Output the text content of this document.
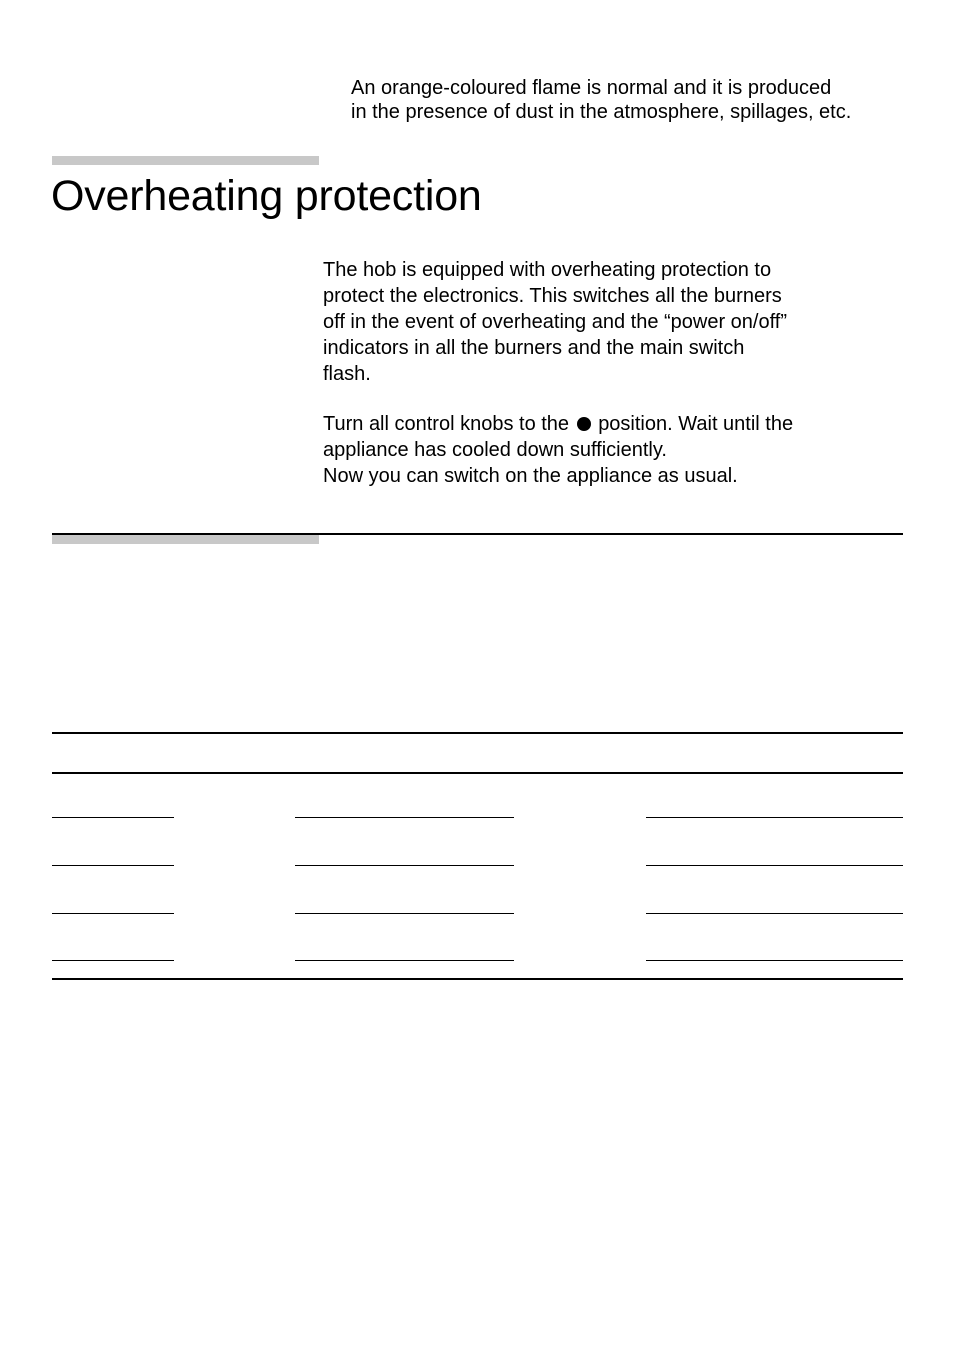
An orange-coloured flame is normal and it is produced
in the presence of dust in the atmosphere, spillages, etc.
Overheating protection
The hob is equipped with overheating protection to
protect the electronics. This switches all the burners
off in the event of overheating and the “power on/off”
indicators in all the burners and the main switch
flash.
Turn all control knobs to the position. Wait until the
appliance has cooled down sufficiently.
Now you can switch on the appliance as usual.
